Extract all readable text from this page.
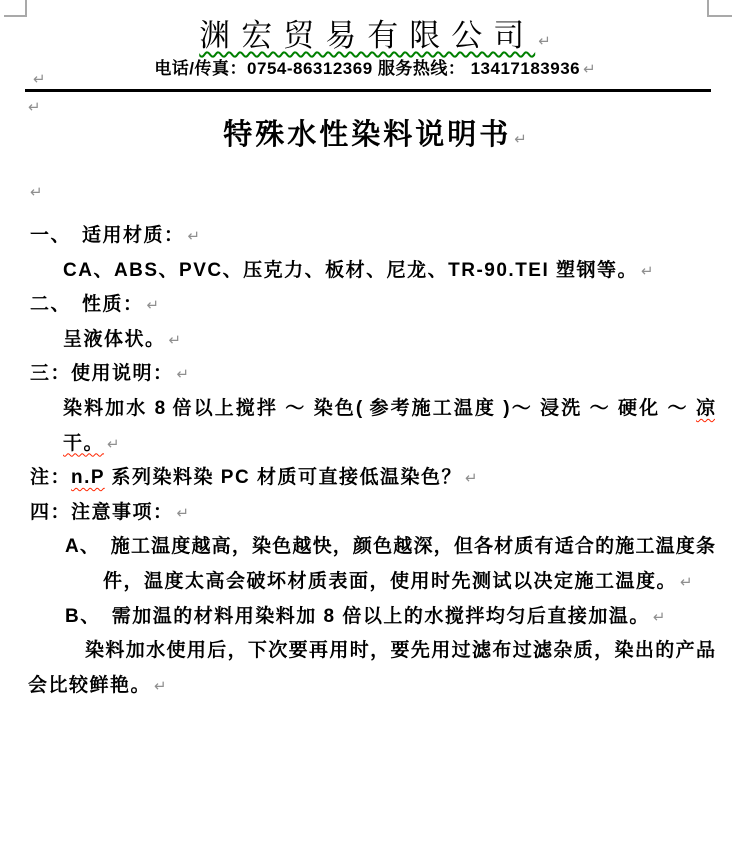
渊宏贸易有限公司 ↵
电话/传真：0754-86312369 服务热线： 13417183936 ↵
特殊水性染料说明书 ↵
一、　适用材质： ↵
CA、ABS、PVC、压克力、板材、尼龙、TR-90.TEI 塑钢等。 ↵
二、　性质： ↵
呈液体状。 ↵
三：使用说明： ↵
染料加水 8 倍以上搅拌 ～ 染色( 参考施工温度 )～ 浸洗 ～ 硬化 ～ 凉
干。 ↵
注：n.P 系列染料染 PC 材质可直接低温染色？ ↵
四：注意事项： ↵
A、　施工温度越高，染色越快，颜色越深，但各材质有适合的施工温度条
件，温度太高会破坏材质表面，使用时先测试以决定施工温度。 ↵
B、　需加温的材料用染料加 8 倍以上的水搅拌均匀后直接加温。 ↵
染料加水使用后，下次要再用时，要先用过滤布过滤杂质，染出的产品
会比较鲜艳。 ↵
↵
↵
↵
